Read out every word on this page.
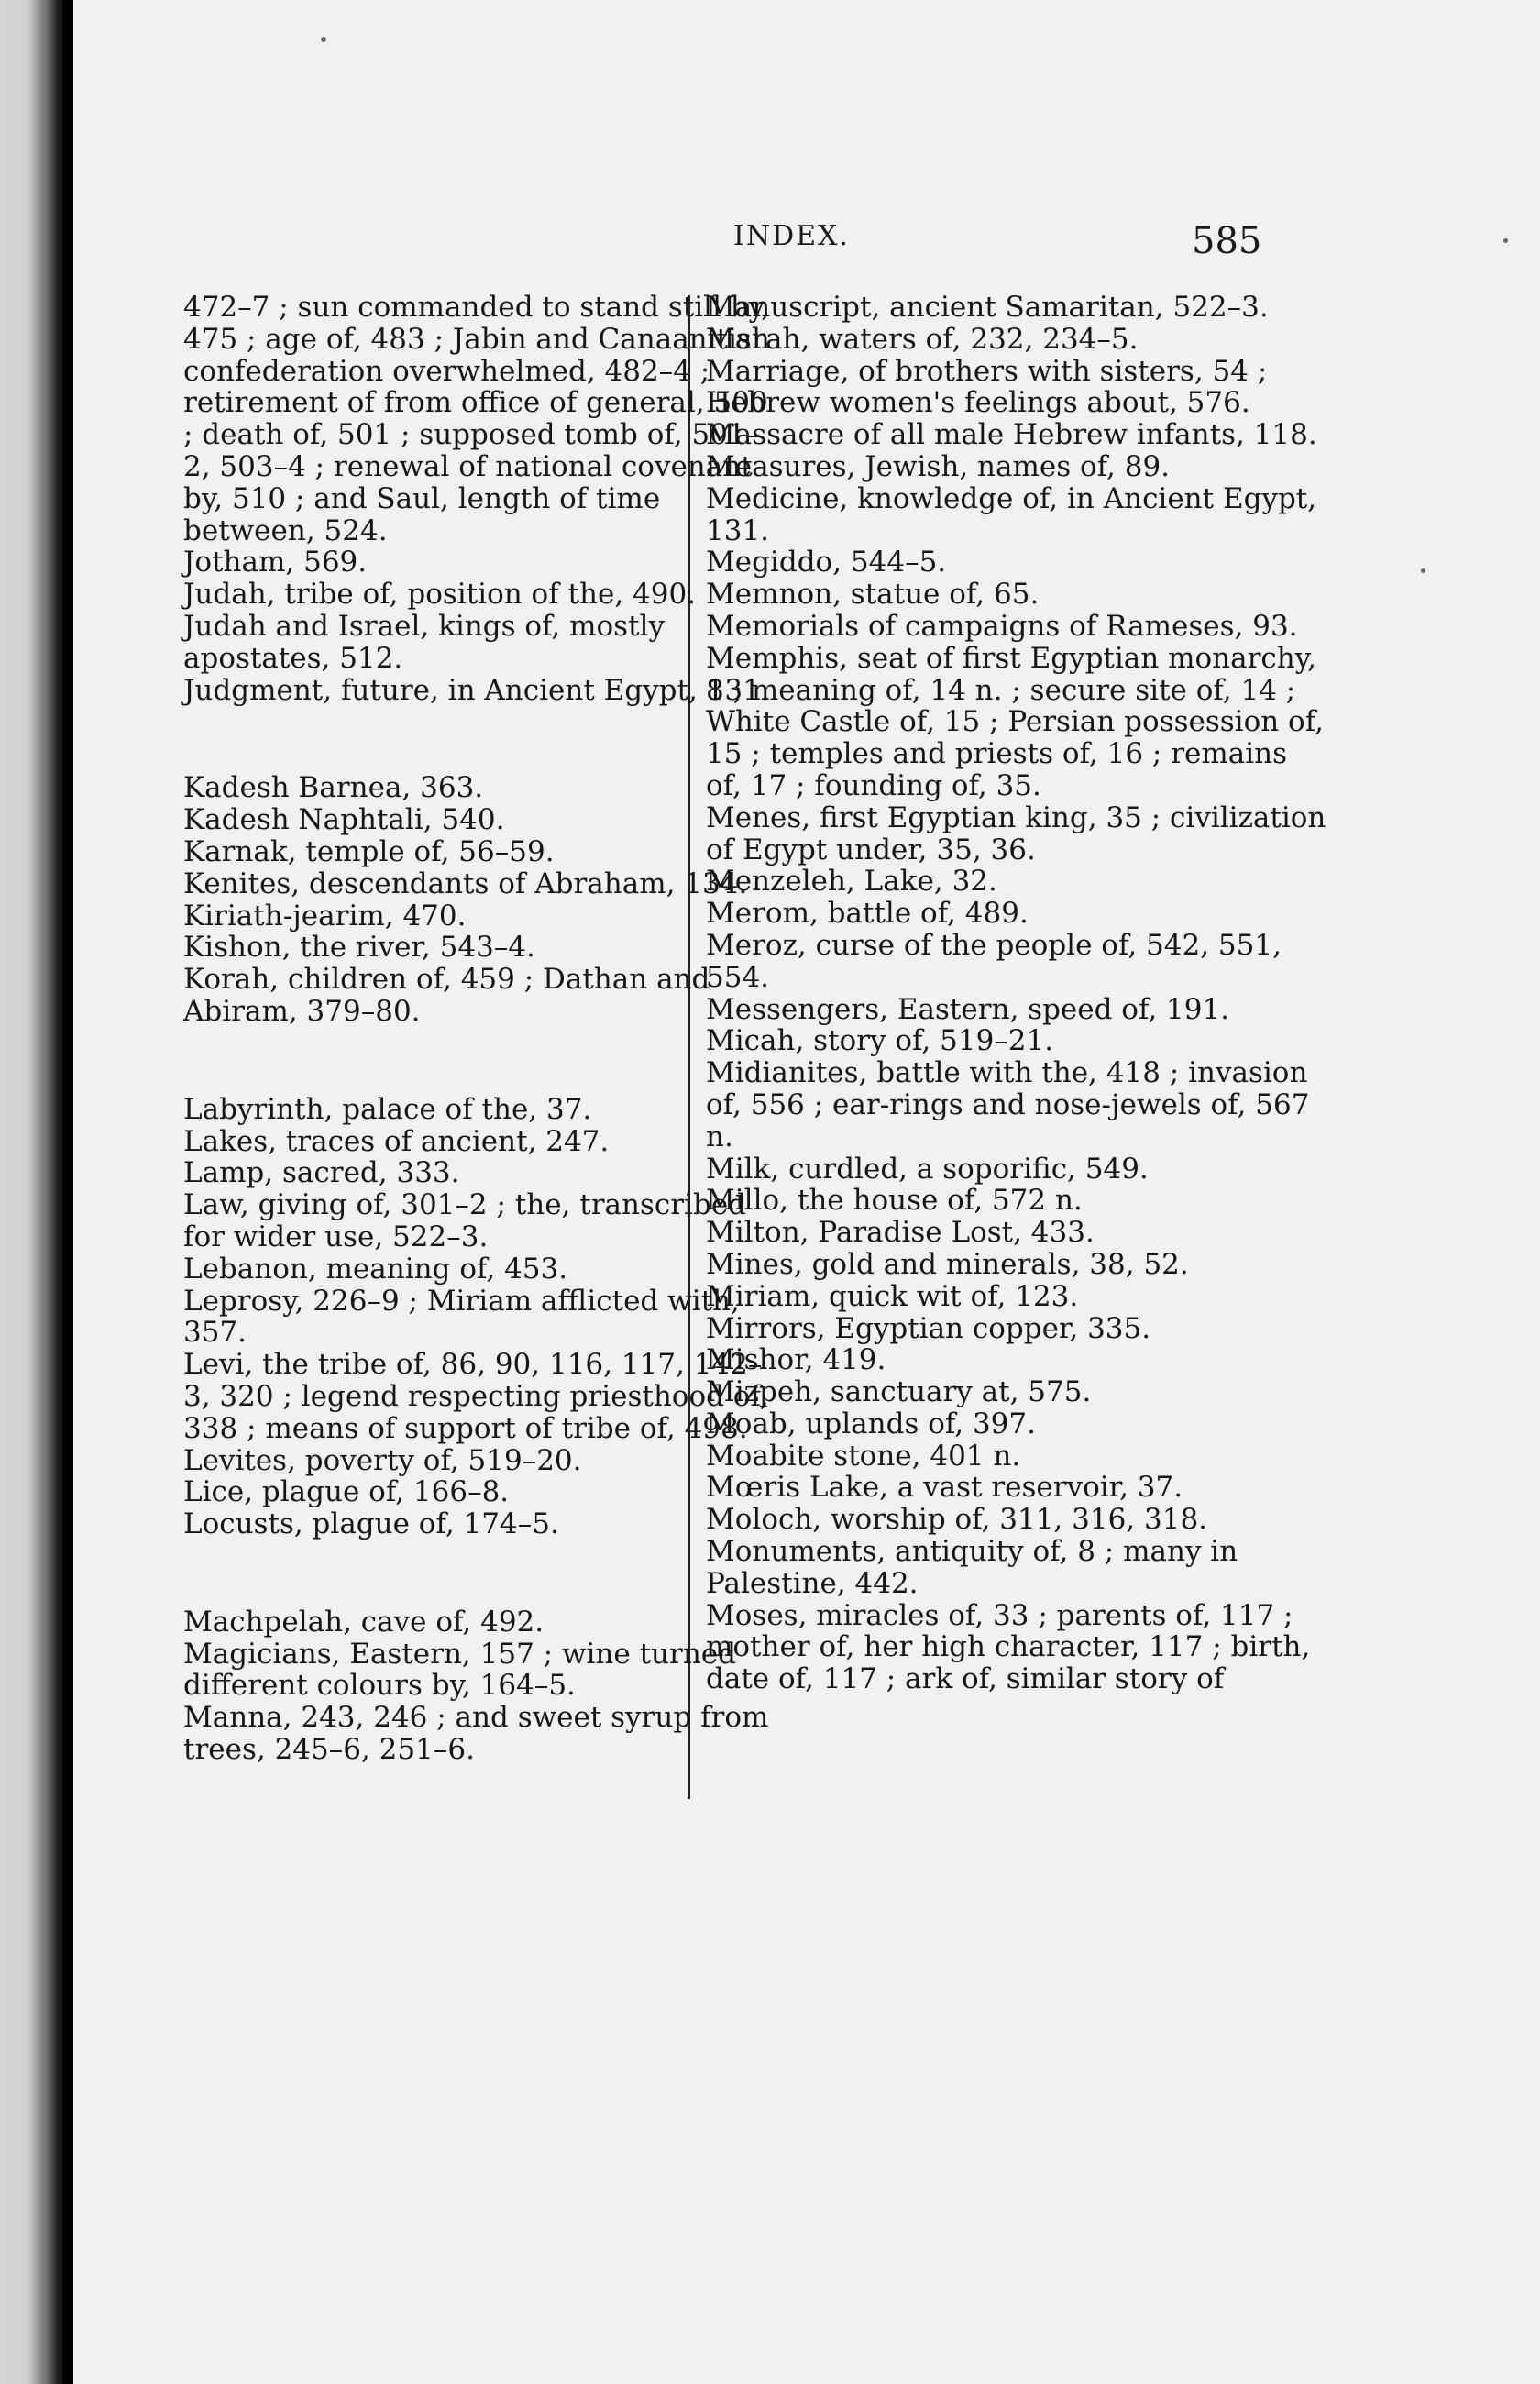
INDEX.	585

472–7 ; sun commanded to stand still by, 475 ; age of, 483 ; Jabin and Canaanitish confederation overwhelmed, 482–4 ; retirement of from office of general, 500 ; death of, 501 ; supposed tomb of, 501–2, 503–4 ; renewal of national covenant by, 510 ; and Saul, length of time between, 524.

Jotham, 569.

Judah, tribe of, position of the, 490.

Judah and Israel, kings of, mostly apostates, 512.

Judgment, future, in Ancient Egypt, 131.

Kadesh Barnea, 363.

Kadesh Naphtali, 540.

Karnak, temple of, 56–59.

Kenites, descendants of Abraham, 134.

Kiriath-jearim, 470.

Kishon, the river, 543–4.

Korah, children of, 459 ; Dathan and Abiram, 379–80.

Labyrinth, palace of the, 37.

Lakes, traces of ancient, 247.

Lamp, sacred, 333.

Law, giving of, 301–2 ; the, transcribed for wider use, 522–3.

Lebanon, meaning of, 453.

Leprosy, 226–9 ; Miriam afflicted with, 357.

Levi, the tribe of, 86, 90, 116, 117, 142–3, 320 ; legend respecting priesthood of, 338 ; means of support of tribe of, 498.

Levites, poverty of, 519–20.

Lice, plague of, 166–8.

Locusts, plague of, 174–5.

Machpelah, cave of, 492.

Magicians, Eastern, 157 ; wine turned different colours by, 164–5.

Manna, 243, 246 ; and sweet syrup from trees, 245–6, 251–6.

Manuscript, ancient Samaritan, 522–3.

Marah, waters of, 232, 234–5.

Marriage, of brothers with sisters, 54 ; Hebrew women's feelings about, 576.

Massacre of all male Hebrew infants, 118.

Measures, Jewish, names of, 89.

Medicine, knowledge of, in Ancient Egypt, 131.

Megiddo, 544–5.

Memnon, statue of, 65.

Memorials of campaigns of Rameses, 93.

Memphis, seat of first Egyptian monarchy, 8 ; meaning of, 14 n. ; secure site of, 14 ; White Castle of, 15 ; Persian possession of, 15 ; temples and priests of, 16 ; remains of, 17 ; founding of, 35.

Menes, first Egyptian king, 35 ; civilization of Egypt under, 35, 36.

Menzeleh, Lake, 32.

Merom, battle of, 489.

Meroz, curse of the people of, 542, 551, 554.

Messengers, Eastern, speed of, 191.

Micah, story of, 519–21.

Midianites, battle with the, 418 ; invasion of, 556 ; ear-rings and nose-jewels of, 567 n.

Milk, curdled, a soporific, 549.

Millo, the house of, 572 n.

Milton, Paradise Lost, 433.

Mines, gold and minerals, 38, 52.

Miriam, quick wit of, 123.

Mirrors, Egyptian copper, 335.

Mishor, 419.

Mizpeh, sanctuary at, 575.

Moab, uplands of, 397.

Moabite stone, 401 n.

Mœris Lake, a vast reservoir, 37.

Moloch, worship of, 311, 316, 318.

Monuments, antiquity of, 8 ; many in Palestine, 442.

Moses, miracles of, 33 ; parents of, 117 ; mother of, her high character, 117 ; birth, date of, 117 ; ark of, similar story of
